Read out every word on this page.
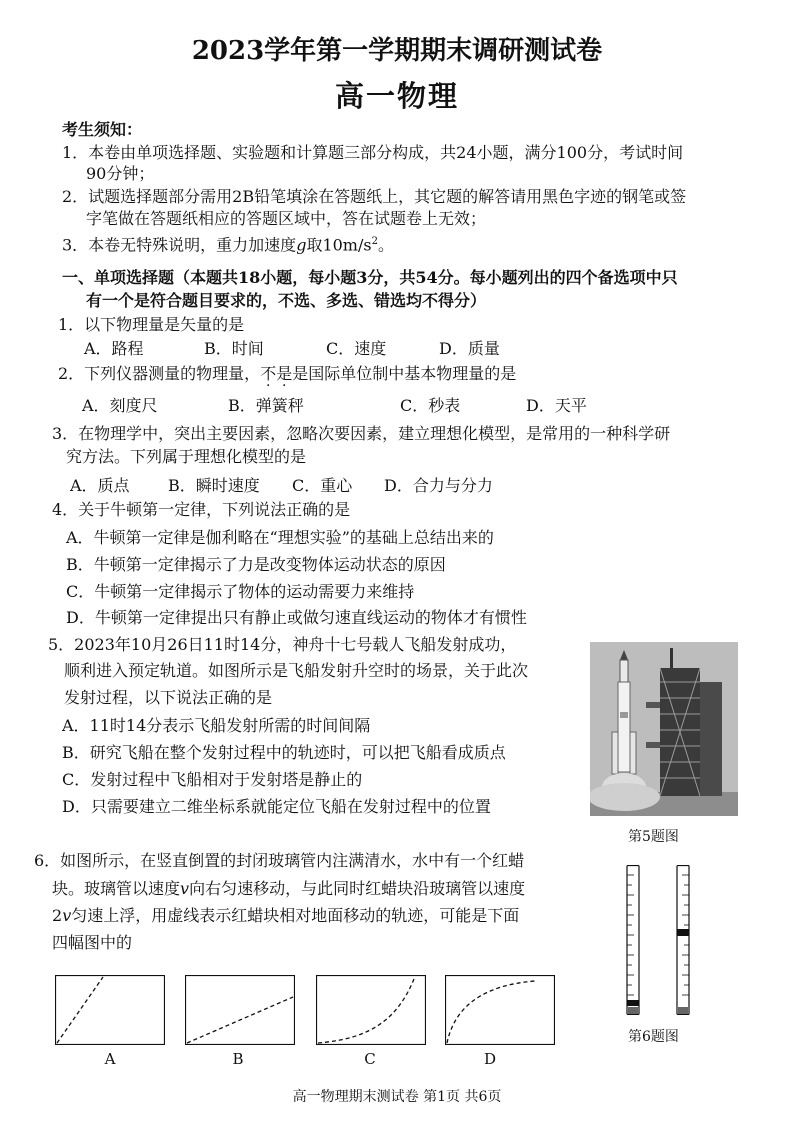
2023学年第一学期期末调研测试卷
高一物理
考生须知：
1．本卷由单项选择题、实验题和计算题三部分构成，共24小题，满分100分，考试时间
90分钟；
2．试题选择题部分需用2B铅笔填涂在答题纸上，其它题的解答请用黑色字迹的钢笔或签
字笔做在答题纸相应的答题区域中，答在试题卷上无效；
3．本卷无特殊说明，重力加速度g取$10m/s^2$。
一、单项选择题（本题共18小题，每小题3分，共54分。每小题列出的四个备选项中只
有一个是符合题目要求的，不选、多选、错选均不得分）
1．以下物理量是矢量的是
A．路程	B．时间	C．速度	D．质量
2．下列仪器测量的物理量，不是是国际单位制中基本物理量的是
A．刻度尺	B．弹簧秤	C．秒表	D．天平
3．在物理学中，突出主要因素，忽略次要因素，建立理想化模型，是常用的一种科学研
究方法。下列属于理想化模型的是
A．质点 B．瞬时速度 C．重心 D．合力与分力
4．关于牛顿第一定律，下列说法正确的是
A．牛顿第一定律是伽利略在“理想实验”的基础上总结出来的
B．牛顿第一定律揭示了力是改变物体运动状态的原因
C．牛顿第一定律揭示了物体的运动需要力来维持
D．牛顿第一定律提出只有静止或做匀速直线运动的物体才有惯性
5．2023年10月26日11时14分，神舟十七号载人飞船发射成功，
顺利进入预定轨道。如图所示是飞船发射升空时的场景，关于此次
发射过程，以下说法正确的是
A．11时14分表示飞船发射所需的时间间隔
B．研究飞船在整个发射过程中的轨迹时，可以把飞船看成质点
C．发射过程中飞船相对于发射塔是静止的
D．只需要建立二维坐标系就能定位飞船在发射过程中的位置
第5题图
6．如图所示，在竖直倒置的封闭玻璃管内注满清水，水中有一个红蜡
块。玻璃管以速度v向右匀速移动，与此同时红蜡块沿玻璃管以速度
2v匀速上浮，用虚线表示红蜡块相对地面移动的轨迹，可能是下面
四幅图中的
A	B	C	D
第6题图
高一物理期末测试卷 第1页 共6页
